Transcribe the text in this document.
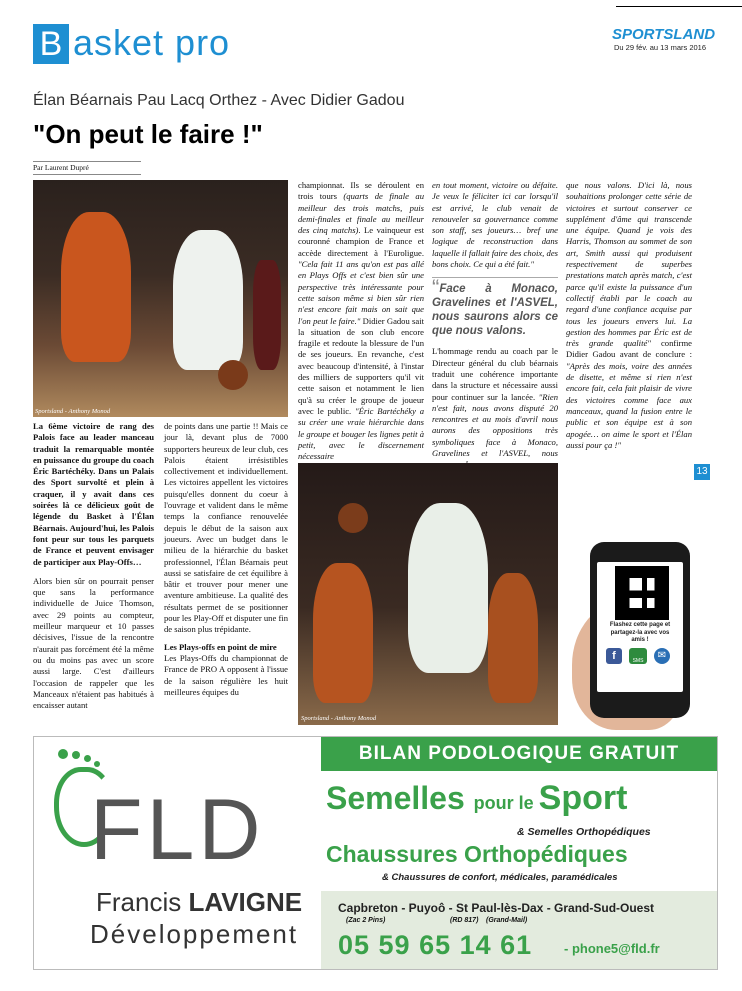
B asket pro	SPORTSLAND
Du 29 fév. au 13 mars 2016
Élan Béarnais Pau Lacq Orthez - Avec Didier Gadou
"On peut le faire !"
Par Laurent Dupré
Sportsland - Anthony Monod

La 6ème victoire de rang des Palois face au leader manceau traduit la remarquable montée en puissance du groupe du coach Éric Bartéchéky. Dans un Palais des Sport survolté et plein à craquer, il y avait dans ces soirées là ce délicieux goût de légende du Basket à l'Élan Béarnais. Aujourd'hui, les Palois font peur sur tous les parquets de France et peuvent envisager de participer aux Play-Offs…

Alors bien sûr on pourrait penser que sans la performance individuelle de Juice Thomson, avec 29 points au compteur, meilleur marqueur et 10 passes décisives, l'issue de la rencontre n'aurait pas forcément été la même ou du moins pas avec un score aussi large. C'est d'ailleurs l'occasion de rappeler que les Manceaux n'étaient pas habitués à encaisser autant

de points dans une partie !! Mais ce jour là, devant plus de 7000 supporters heureux de leur club, ces Palois étaient irrésistibles collectivement et individuellement. Les victoires appellent les victoires puisqu'elles donnent du coeur à l'ouvrage et valident dans le même temps la confiance renouvelée depuis le début de la saison aux joueurs. Avec un budget dans le milieu de la hiérarchie du basket professionnel, l'Élan Béarnais peut aussi se satisfaire de cet équilibre à bâtir et trouver pour mener une aventure ambitieuse. La qualité des résultats permet de se positionner pour les Play-Off et disputer une fin de saison plus trépidante.

Les Plays-offs en point de mire

Les Plays-Offs du championnat de France de PRO A opposent à l'issue de la saison régulière les huit meilleures équipes du

championnat. Ils se déroulent en trois tours (quarts de finale au meilleur des trois matchs, puis demi-finales et finale au meilleur des cinq matchs). Le vainqueur est couronné champion de France et accède directement à l'Euroligue. "Cela fait 11 ans qu'on est pas allé en Plays Offs et c'est bien sûr une perspective très intéressante pour cette saison même si bien sûr rien n'est encore fait mais on sait que l'on peut le faire." Didier Gadou sait la situation de son club encore fragile et redoute la blessure de l'un de ses joueurs. En revanche, c'est avec beaucoup d'intensité, à l'instar des milliers de supporters qu'il vit cette saison et notamment le lien qu'à su créer le groupe de joueur avec le public. "Éric Bartéchéky a su créer une vraie hiérarchie dans le groupe et bouger les lignes petit à petit, avec le discernement nécessaire

en tout moment, victoire ou défaite. Je veux le féliciter ici car lorsqu'il est arrivé, le club venait de renouveler sa gouvernance comme son staff, ses joueurs… bref une logique de reconstruction dans laquelle il fallait faire des choix, des bons choix. Ce qui a été fait."

“Face à Monaco, Gravelines et l'ASVEL, nous saurons alors ce que nous valons.

L'hommage rendu au coach par le Directeur général du club béarnais traduit une cohérence importante dans la structure et nécessaire aussi pour continuer sur la lancée. "Rien n'est fait, nous avons disputé 20 rencontres et au mois d'avril nous aurons des oppositions très symboliques face à Monaco, Gravelines et l'ASVEL, nous

que nous valons. D'ici là, nous souhaitions prolonger cette série de victoires et surtout conserver ce supplément d'âme qui transcende une équipe. Quand je vois des Harris, Thomson au sommet de son art, Smith aussi qui produisent respectivement de superbes prestations match après match, c'est parce qu'il existe la puissance d'un collectif établi par le coach au regard d'une confiance acquise par tous les joueurs envers lui. La gestion des hommes par Éric est de très grande qualité" confirme Didier Gadou avant de conclure : "Après des mois, voire des années de disette, et même si rien n'est encore fait, cela fait plaisir de vivre des victoires comme face aux manceaux, quand la fusion entre le public et son équipe est à son apogée… on aime le sport et l'Élan aussi pour ça !"

13
Sportsland - Anthony Monod
Flashez cette page et partagez-la avec vos amis !
f	SMS	✉
FLD
Francis LAVIGNE
Développement
BILAN PODOLOGIQUE GRATUIT
Semelles pour le Sport
& Semelles Orthopédiques
Chaussures Orthopédiques
& Chaussures de confort, médicales, paramédicales
Capbreton - Puyoô - St Paul-lès-Dax - Grand-Sud-Ouest
(Zac 2 Pins)	(RD 817) (Grand-Mail)
05 59 65 14 61 - phone5@fld.fr
